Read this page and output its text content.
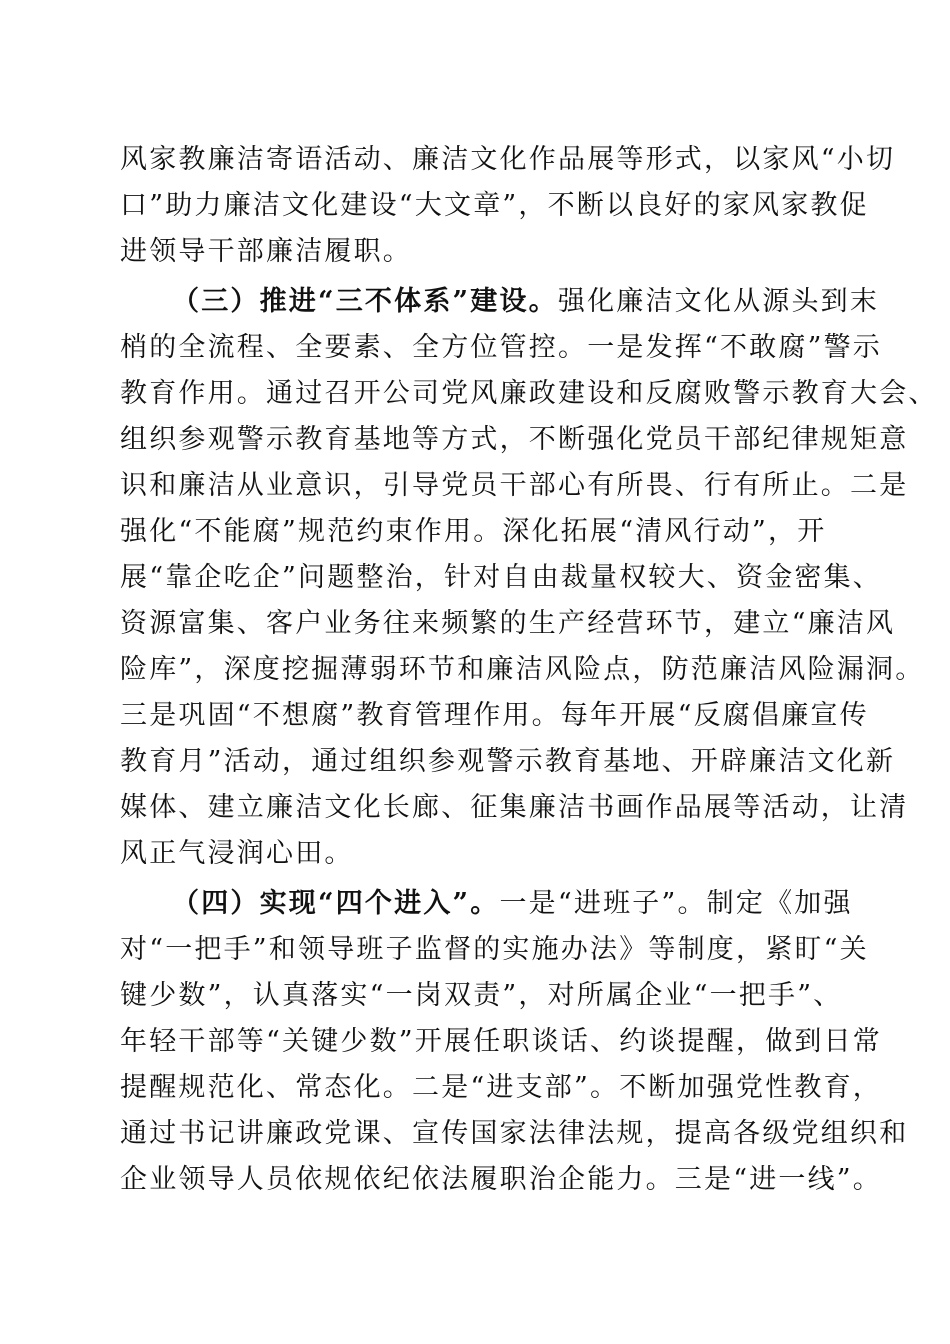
风家教廉洁寄语活动、廉洁文化作品展等形式，以家风“小切
口”助力廉洁文化建设“大文章”，不断以良好的家风家教促
进领导干部廉洁履职。
（三）推进“三不体系”建设。强化廉洁文化从源头到末
梢的全流程、全要素、全方位管控。一是发挥“不敢腐”警示
教育作用。通过召开公司党风廉政建设和反腐败警示教育大会、
组织参观警示教育基地等方式，不断强化党员干部纪律规矩意
识和廉洁从业意识，引导党员干部心有所畏、行有所止。二是
强化“不能腐”规范约束作用。深化拓展“清风行动”，开
展“靠企吃企”问题整治，针对自由裁量权较大、资金密集、
资源富集、客户业务往来频繁的生产经营环节，建立“廉洁风
险库”，深度挖掘薄弱环节和廉洁风险点，防范廉洁风险漏洞。
三是巩固“不想腐”教育管理作用。每年开展“反腐倡廉宣传
教育月”活动，通过组织参观警示教育基地、开辟廉洁文化新
媒体、建立廉洁文化长廊、征集廉洁书画作品展等活动，让清
风正气浸润心田。
（四）实现“四个进入”。一是“进班子”。制定《加强
对“一把手”和领导班子监督的实施办法》等制度，紧盯“关
键少数”，认真落实“一岗双责”，对所属企业“一把手”、
年轻干部等“关键少数”开展任职谈话、约谈提醒，做到日常
提醒规范化、常态化。二是“进支部”。不断加强党性教育，
通过书记讲廉政党课、宣传国家法律法规，提高各级党组织和
企业领导人员依规依纪依法履职治企能力。三是“进一线”。
